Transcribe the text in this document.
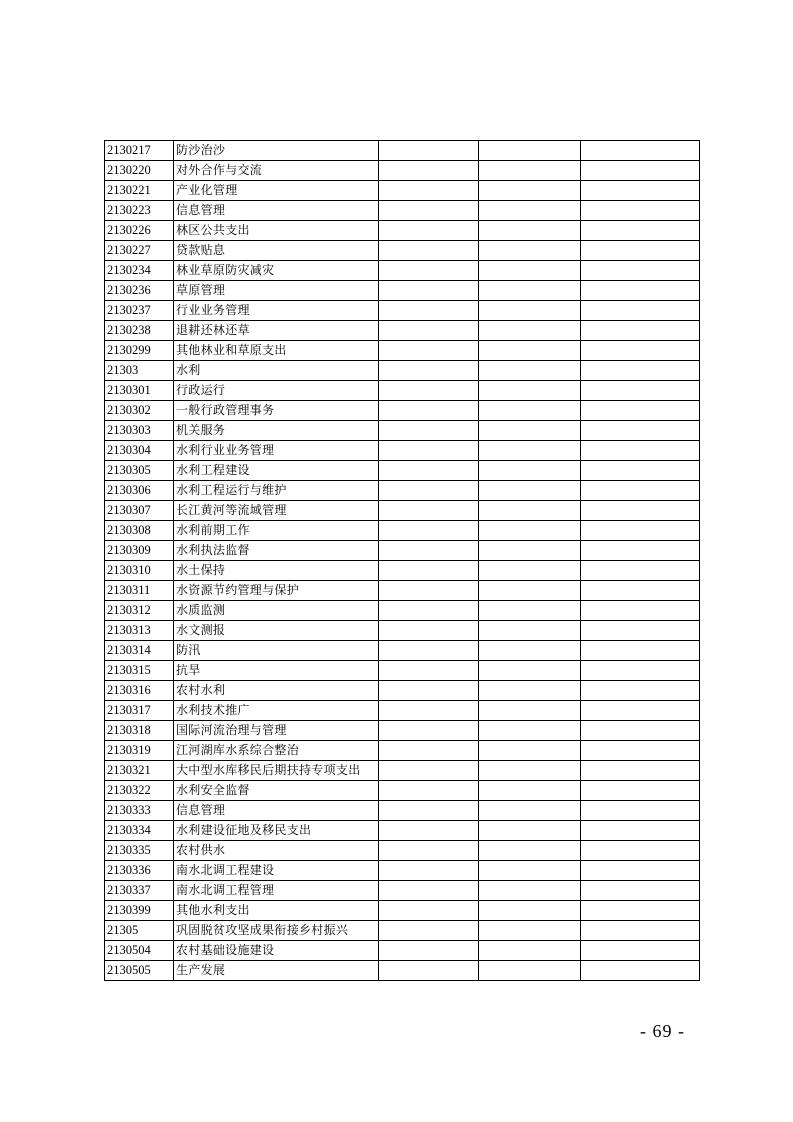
2130217	防沙治沙			
2130220	对外合作与交流			
2130221	产业化管理			
2130223	信息管理			
2130226	林区公共支出			
2130227	贷款贴息			
2130234	林业草原防灾减灾			
2130236	草原管理			
2130237	行业业务管理			
2130238	退耕还林还草			
2130299	其他林业和草原支出			
21303	水利			
2130301	行政运行			
2130302	一般行政管理事务			
2130303	机关服务			
2130304	水利行业业务管理			
2130305	水利工程建设			
2130306	水利工程运行与维护			
2130307	长江黄河等流域管理			
2130308	水利前期工作			
2130309	水利执法监督			
2130310	水土保持			
2130311	水资源节约管理与保护			
2130312	水质监测			
2130313	水文测报			
2130314	防汛			
2130315	抗旱			
2130316	农村水利			
2130317	水利技术推广			
2130318	国际河流治理与管理			
2130319	江河湖库水系综合整治			
2130321	大中型水库移民后期扶持专项支出			
2130322	水利安全监督			
2130333	信息管理			
2130334	水利建设征地及移民支出			
2130335	农村供水			
2130336	南水北调工程建设			
2130337	南水北调工程管理			
2130399	其他水利支出			
21305	巩固脱贫攻坚成果衔接乡村振兴			
2130504	农村基础设施建设			
2130505	生产发展			
- 69 -
